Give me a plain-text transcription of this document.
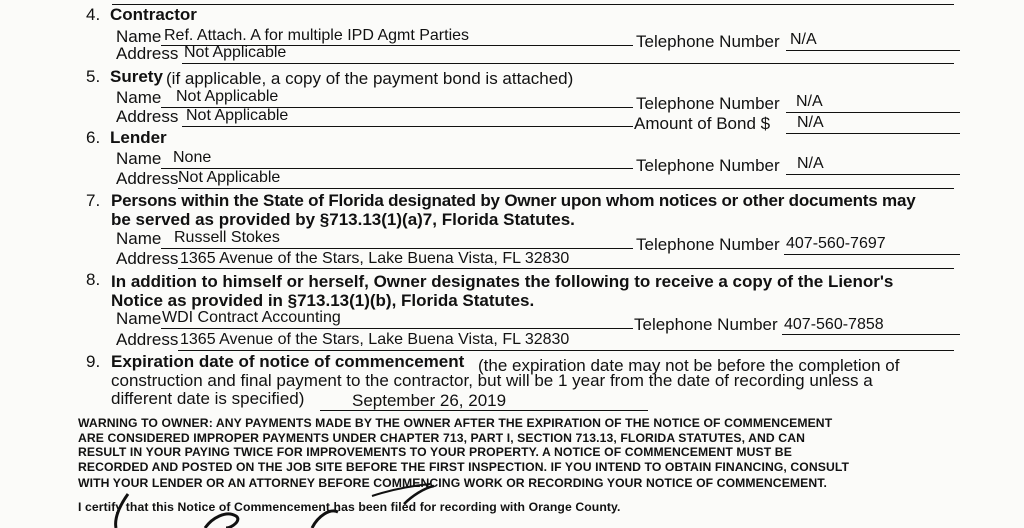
4. Contractor
Name Ref. Attach. A for multiple IPD Agmt Parties	Telephone Number N/A
Address Not Applicable
5. Surety (if applicable, a copy of the payment bond is attached)
Name Not Applicable	Telephone Number N/A
Address Not Applicable	Amount of Bond $ N/A
6. Lender
Name None	Telephone Number N/A
Address Not Applicable
7. Persons within the State of Florida designated by Owner upon whom notices or other documents may
be served as provided by §713.13(1)(a)7, Florida Statutes.
Name Russell Stokes	Telephone Number 407-560-7697
Address 1365 Avenue of the Stars, Lake Buena Vista, FL 32830
8. In addition to himself or herself, Owner designates the following to receive a copy of the Lienor's
Notice as provided in §713.13(1)(b), Florida Statutes.
Name WDI Contract Accounting	Telephone Number 407-560-7858
Address 1365 Avenue of the Stars, Lake Buena Vista, FL 32830
9. Expiration date of notice of commencement (the expiration date may not be before the completion of
construction and final payment to the contractor, but will be 1 year from the date of recording unless a
different date is specified)	September 26, 2019
WARNING TO OWNER: ANY PAYMENTS MADE BY THE OWNER AFTER THE EXPIRATION OF THE NOTICE OF COMMENCEMENT
ARE CONSIDERED IMPROPER PAYMENTS UNDER CHAPTER 713, PART I, SECTION 713.13, FLORIDA STATUTES, AND CAN
RESULT IN YOUR PAYING TWICE FOR IMPROVEMENTS TO YOUR PROPERTY. A NOTICE OF COMMENCEMENT MUST BE
RECORDED AND POSTED ON THE JOB SITE BEFORE THE FIRST INSPECTION. IF YOU INTEND TO OBTAIN FINANCING, CONSULT
WITH YOUR LENDER OR AN ATTORNEY BEFORE COMMENCING WORK OR RECORDING YOUR NOTICE OF COMMENCEMENT.
I certify that this Notice of Commencement has been filed for recording with Orange County.
